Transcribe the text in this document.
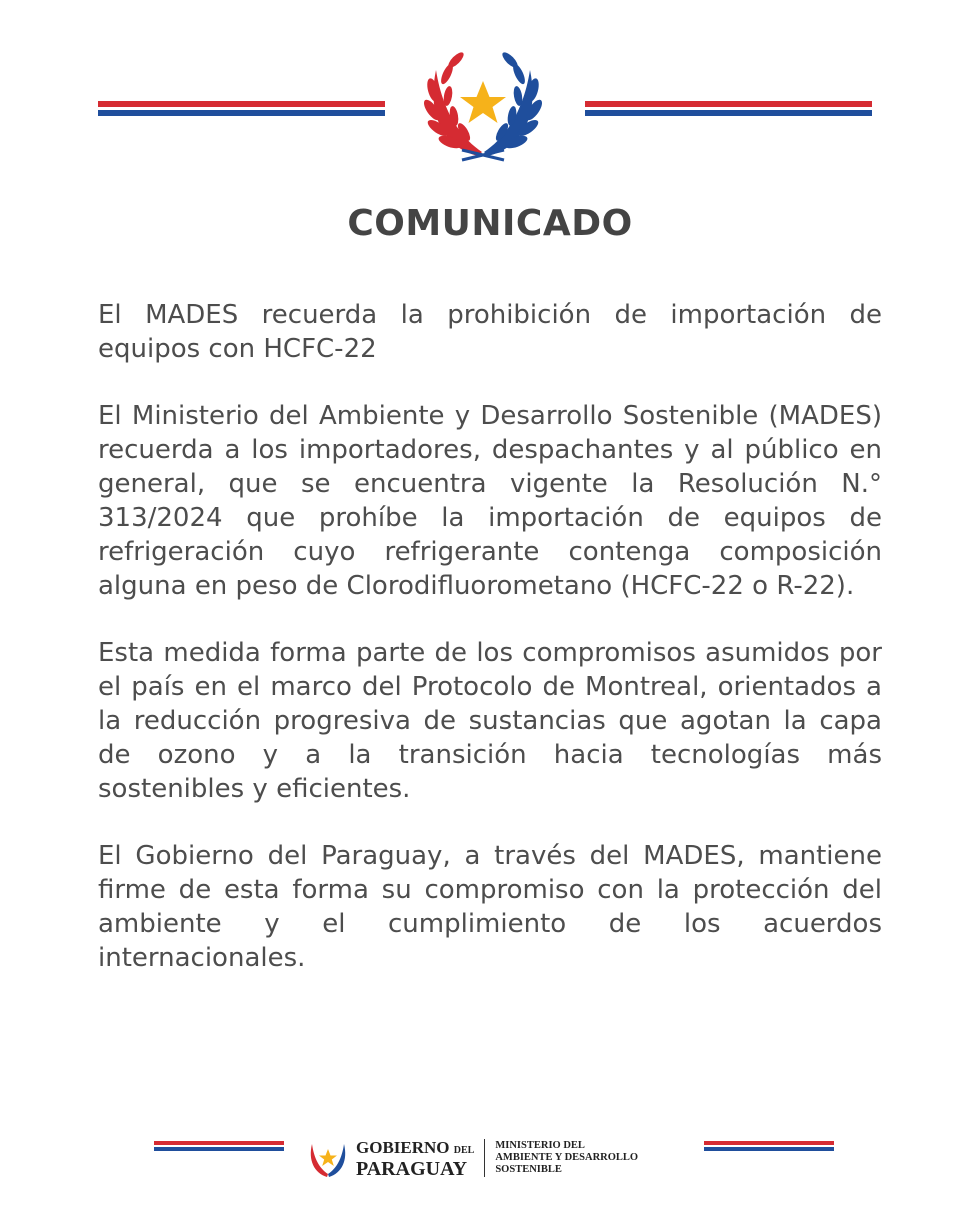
COMUNICADO

El MADES recuerda la prohibición de importación de equipos con HCFC-22

El Ministerio del Ambiente y Desarrollo Sostenible (MADES) recuerda a los importadores, despachantes y al público en general, que se encuentra vigente la Resolución N.° 313/2024 que prohíbe la importación de equipos de refrigeración cuyo refrigerante contenga composición alguna en peso de Clorodifluorometano (HCFC-22 o R-22).

Esta medida forma parte de los compromisos asumidos por el país en el marco del Protocolo de Montreal, orientados a la reducción progresiva de sustancias que agotan la capa de ozono y a la transición hacia tecnologías más sostenibles y eficientes.

El Gobierno del Paraguay, a través del MADES, mantiene firme de esta forma su compromiso con la protección del ambiente y el cumplimiento de los acuerdos internacionales.

GOBIERNO DEL
PARAGUAY
MINISTERIO DEL
AMBIENTE Y DESARROLLO
SOSTENIBLE
